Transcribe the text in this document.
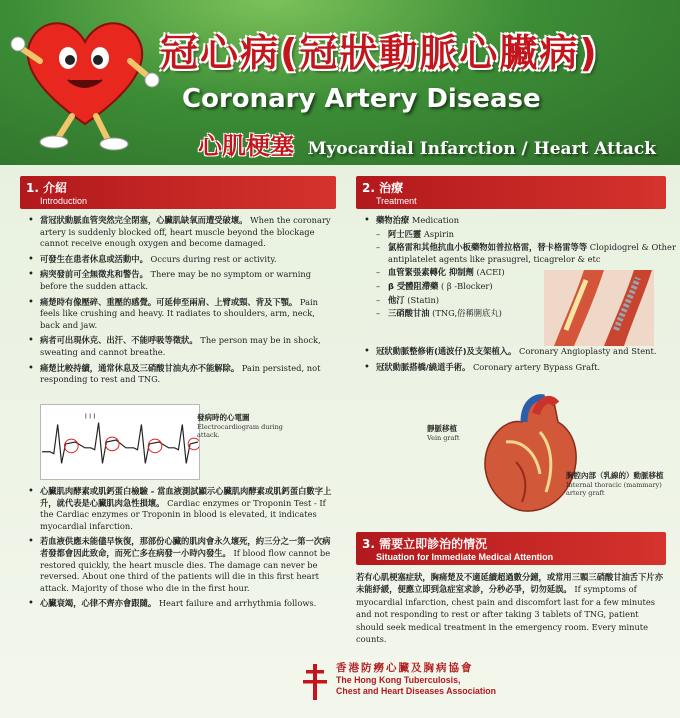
冠心病(冠狀動脈心臟病)
Coronary Artery Disease
心肌梗塞 Myocardial Infarction / Heart Attack
1. 介紹
Introduction
• 當冠狀動脈血管突然完全閉塞，心臟肌缺氧而遭受破壞。 When the coronary artery is suddenly blocked off, heart muscle beyond the blockage cannot receive enough oxygen and become damaged.
• 可發生在患者休息或活動中。 Occurs during rest or activity.
• 病突發前可全無徵兆和警告。 There may be no symptom or warning before the sudden attack.
• 痛楚時有像壓碎、重壓的感覺。可延伸至兩肩、上臂或頸、背及下顎。 Pain feels like crushing and heavy. It radiates to shoulders, arm, neck, back and jaw.
• 病者可出現休克、出汗、不能呼吸等徵狀。 The person may be in shock, sweating and cannot breathe.
• 痛楚比較持續，通常休息及三硝酸甘油丸亦不能解除。 Pain persisted, not responding to rest and TNG.
I I I	發病時的心電圖
Electrocardiogram during attack.
• 心臟肌肉酵素或肌鈣蛋白檢驗 - 當血液測試顯示心臟肌肉酵素或肌鈣蛋白數字上升，就代表是心臟肌肉急性損壞。 Cardiac enzymes or Troponin Test - If the Cardiac enzymes or Troponin in blood is elevated, it indicates myocardial infarction.
• 若血液供應未能儘早恢復，那部份心臟的肌肉會永久壞死，約三分之一第一次病者發都會因此致命，而死亡多在病發一小時內發生。 If blood flow cannot be restored quickly, the heart muscle dies. The damage can never be reversed. About one third of the patients will die in this first heart attack. Majority of those who die in the first hour.
• 心臟衰竭，心律不齊亦會跟隨。 Heart failure and arrhythmia follows.
2. 治療
Treatment
• 藥物治療 Medication
– 阿士匹靈 Aspirin
– 氯格雷和其他抗血小板藥物如普拉格雷，替卡格雷等等 Clopidogrel & Other antiplatelet agents like prasugrel, ticagrelor & etc
– 血管緊張素轉化 抑制劑 (ACEI)
– β 受體阻滯藥 ( β -Blocker)
– 他汀 (Statin)
– 三硝酸甘油 (TNG,俗稱脷底丸)
• 冠狀動脈整修術(通波仔)及支架植入。 Coronary Angioplasty and Stent.
• 冠狀動脈搭橋/繞道手術。 Coronary artery Bypass Graft.
靜脈移植
Vein graft
胸腔內部（乳線的）動脈移植
Internal thoracic (mammary) artery graft
3. 需要立即診治的情況
Situation for Immediate Medical Attention

若有心肌梗塞症狀，胸痛楚及不適延續超過數分鐘，或常用三顆三硝酸甘油舌下片亦未能紓緩，便應立即到急症室求診，分秒必爭，切勿延誤。 If symptoms of myocardial infarction, chest pain and discomfort last for a few minutes and not responding to rest or after taking 3 tablets of TNG, patient should seek medical treatment in the emergency room. Every minute counts.

香港防癆心臟及胸病協會
The Hong Kong Tuberculosis,
Chest and Heart Diseases Association
